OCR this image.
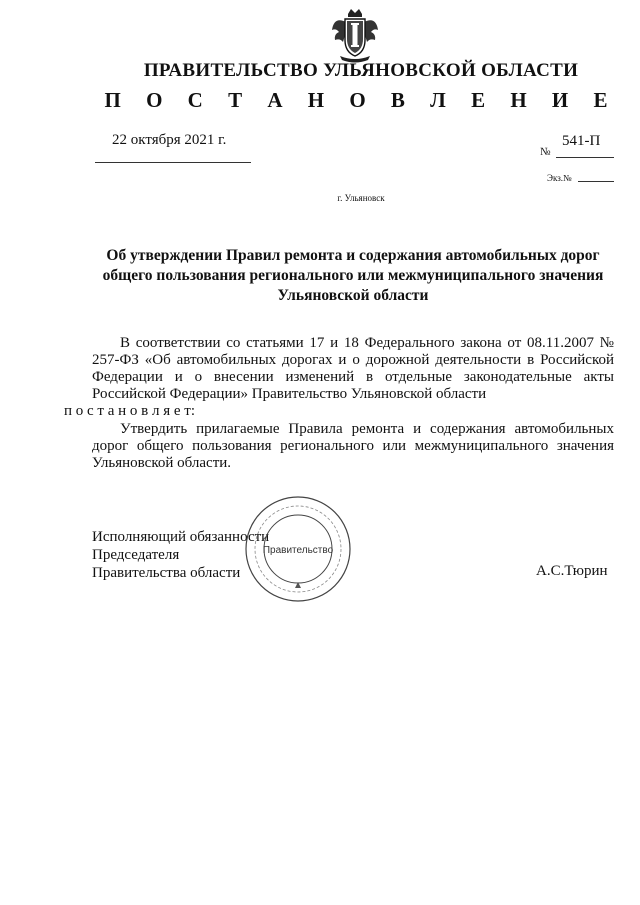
ПРАВИТЕЛЬСТВО УЛЬЯНОВСКОЙ ОБЛАСТИ
П О С Т А Н О В Л Е Н И Е
22 октября 2021 г.	541-П
№
Экз.№
г. Ульяновск
Об утверждении Правил ремонта и содержания автомобильных дорог общего пользования регионального или межмуниципального значения Ульяновской области
В соответствии со статьями 17 и 18 Федерального закона от 08.11.2007 № 257-ФЗ «Об автомобильных дорогах и о дорожной деятельности в Российской Федерации и о внесении изменений в отдельные законодательные акты Российской Федерации» Правительство Ульяновской области
п о с т а н о в л я е т:
Утвердить прилагаемые Правила ремонта и содержания автомобильных дорог общего пользования регионального или межмуниципального значения Ульяновской области.
Исполняющий обязанности
Председателя
Правительства области
Правительство
А.С.Тюрин
